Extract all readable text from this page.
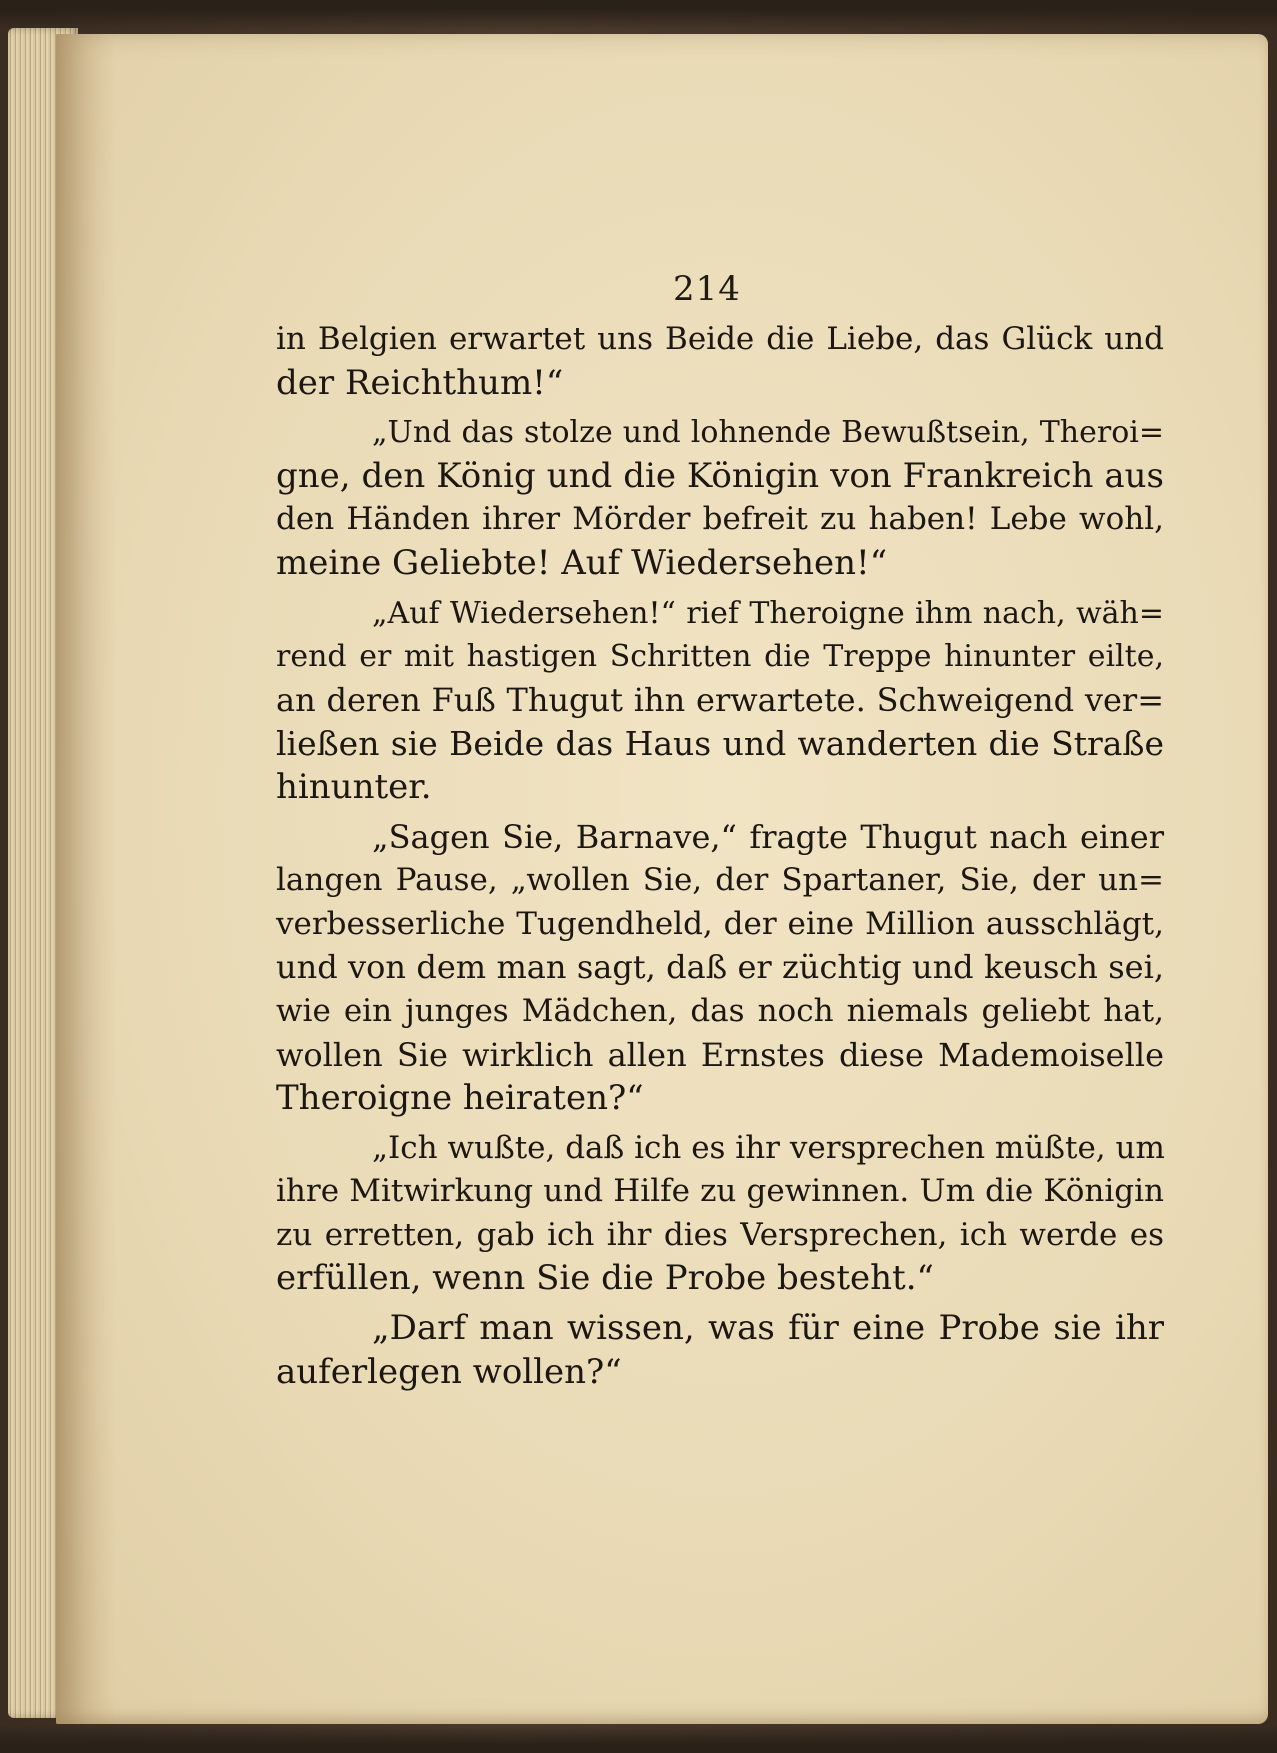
214

in Belgien erwartet uns Beide die Liebe, das Glück und
der Reichthum!“

„Und das stolze und lohnende Bewußtsein, Theroi=
gne, den König und die Königin von Frankreich aus
den Händen ihrer Mörder befreit zu haben! Lebe wohl,
meine Geliebte! Auf Wiedersehen!“

„Auf Wiedersehen!“ rief Theroigne ihm nach, wäh=
rend er mit hastigen Schritten die Treppe hinunter eilte,
an deren Fuß Thugut ihn erwartete. Schweigend ver=
ließen sie Beide das Haus und wanderten die Straße
hinunter.

„Sagen Sie, Barnave,“ fragte Thugut nach einer
langen Pause, „wollen Sie, der Spartaner, Sie, der un=
verbesserliche Tugendheld, der eine Million ausschlägt,
und von dem man sagt, daß er züchtig und keusch sei,
wie ein junges Mädchen, das noch niemals geliebt hat,
wollen Sie wirklich allen Ernstes diese Mademoiselle
Theroigne heiraten?“

„Ich wußte, daß ich es ihr versprechen müßte, um
ihre Mitwirkung und Hilfe zu gewinnen. Um die Königin
zu erretten, gab ich ihr dies Versprechen, ich werde es
erfüllen, wenn Sie die Probe besteht.“

„Darf man wissen, was für eine Probe sie ihr
auferlegen wollen?“
